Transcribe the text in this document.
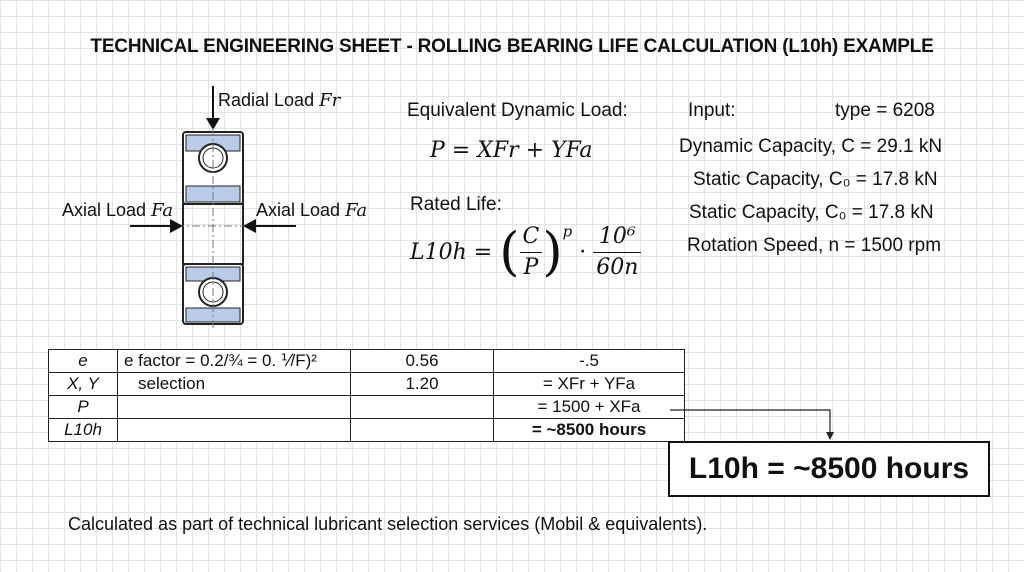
TECHNICAL ENGINEERING SHEET - ROLLING BEARING LIFE CALCULATION (L10h) EXAMPLE
Radial Load Fr
Axial Load Fa	Axial Load Fa
Equivalent Dynamic Load:
P = XFr + YFa
Rated Life:
L10h = ( $\frac{C}{P} )^p \cdot \frac{\text{10⁶}}{60n}$
Input:	type = 6208
Dynamic Capacity, C = 29.1 kN
Static Capacity, C₀ = 17.8 kN
Static Capacity, C₀ = 17.8 kN
Rotation Speed, n = 1500 rpm
e	e factor = 0.2/¾ = 0. ⅟/F)²	0.56	-.5
X, Y	selection	1.20	= XFr + YFa
P			= 1500 + XFa
L10h			= ~8500 hours
L10h = ~8500 hours
Calculated as part of technical lubricant selection services (Mobil & equivalents).
